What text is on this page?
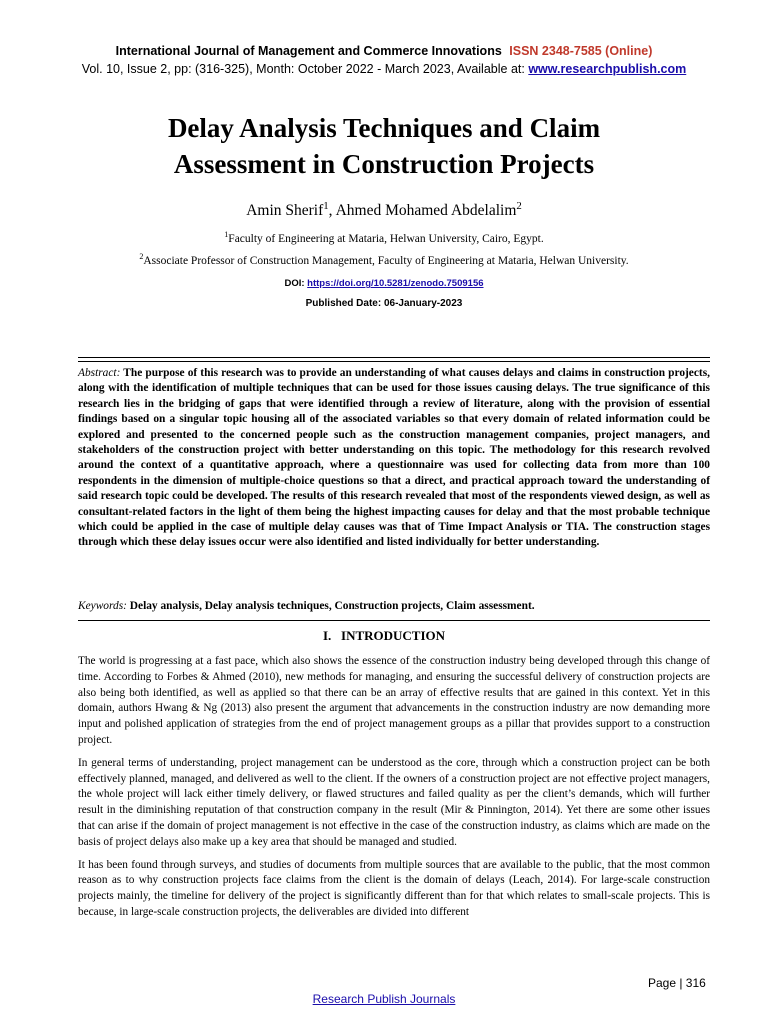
International Journal of Management and Commerce Innovations ISSN 2348-7585 (Online)
Vol. 10, Issue 2, pp: (316-325), Month: October 2022 - March 2023, Available at: www.researchpublish.com
Delay Analysis Techniques and Claim
Assessment in Construction Projects
Amin Sherif$^1$, Ahmed Mohamed Abdelalim$^2$
$^1$Faculty of Engineering at Mataria, Helwan University, Cairo, Egypt.
$^2$Associate Professor of Construction Management, Faculty of Engineering at Mataria, Helwan University.
DOI: https://doi.org/10.5281/zenodo.7509156
Published Date: 06-January-2023
Abstract: The purpose of this research was to provide an understanding of what causes delays and claims in construction projects, along with the identification of multiple techniques that can be used for those issues causing delays. The true significance of this research lies in the bridging of gaps that were identified through a review of literature, along with the provision of essential findings based on a singular topic housing all of the associated variables so that every domain of related information could be explored and presented to the concerned people such as the construction management companies, project managers, and stakeholders of the construction project with better understanding on this topic. The methodology for this research revolved around the context of a quantitative approach, where a questionnaire was used for collecting data from more than 100 respondents in the dimension of multiple-choice questions so that a direct, and practical approach toward the understanding of said research topic could be developed. The results of this research revealed that most of the respondents viewed design, as well as consultant-related factors in the light of them being the highest impacting causes for delay and that the most probable technique which could be applied in the case of multiple delay causes was that of Time Impact Analysis or TIA. The construction stages through which these delay issues occur were also identified and listed individually for better understanding.
Keywords: Delay analysis, Delay analysis techniques, Construction projects, Claim assessment.
I.   INTRODUCTION

The world is progressing at a fast pace, which also shows the essence of the construction industry being developed through this change of time. According to Forbes & Ahmed (2010), new methods for managing, and ensuring the successful delivery of construction projects are also being both identified, as well as applied so that there can be an array of effective results that are gained in this context. Yet in this domain, authors Hwang & Ng (2013) also present the argument that advancements in the construction industry are now demanding more input and polished application of strategies from the end of project management groups as a pillar that provides support to a construction project.

In general terms of understanding, project management can be understood as the core, through which a construction project can be both effectively planned, managed, and delivered as well to the client. If the owners of a construction project are not effective project managers, the whole project will lack either timely delivery, or flawed structures and failed quality as per the client’s demands, which will further result in the diminishing reputation of that construction company in the result (Mir & Pinnington, 2014). Yet there are some other issues that can arise if the domain of project management is not effective in the case of the construction industry, as claims which are made on the basis of project delays also make up a key area that should be managed and studied.

It has been found through surveys, and studies of documents from multiple sources that are available to the public, that the most common reason as to why construction projects face claims from the client is the domain of delays (Leach, 2014). For large-scale construction projects mainly, the timeline for delivery of the project is significantly different than for that which relates to small-scale projects. This is because, in large-scale construction projects, the deliverables are divided into different

Page | 316
Research Publish Journals
